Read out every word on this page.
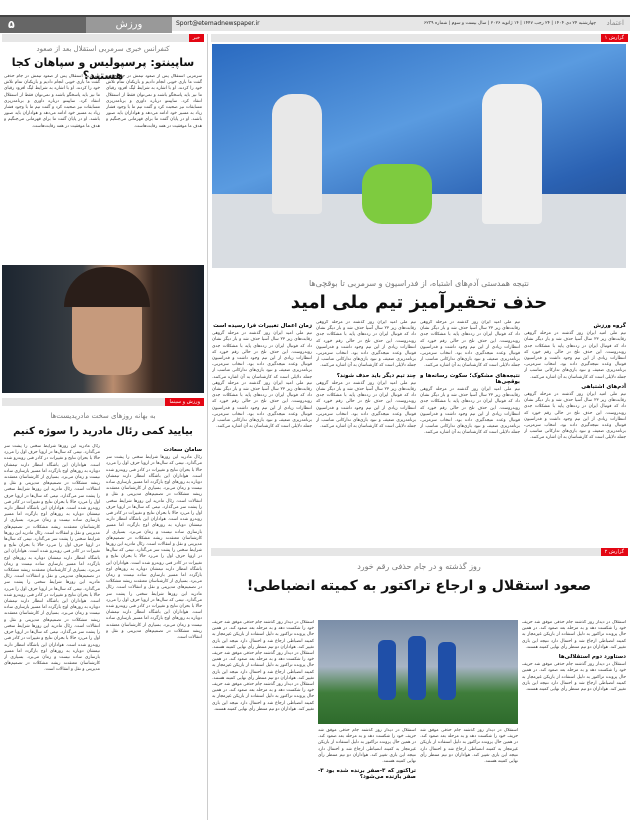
۵	ورزش	Sport@etemadnewspaper.ir	چهارشنبه ۲۴ دی ۱۴۰۴ | ۲۴ رجب ۱۴۴۷ | ۱۴ ژانویه ۲۰۲۶ | سال بیست و سوم | شماره ۶۲۳۹ اعتماد
خبر
کنفرانس خبری سرمربی استقلال بعد از صعود
ساپینتو: پرسپولیس و سپاهان کجا هستند؟
سرمربی استقلال پس از صعود تیمش در جام حذفی گفت ما بازی خوبی انجام دادیم و بازیکنان تمام تلاش خود را کردند. او با اشاره به شرایط لیگ افزود رقبای ما نیز باید پاسخگو باشند و نمی‌توان فقط از استقلال انتقاد کرد. ساپینتو درباره داوری و برنامه‌ریزی مسابقات نیز صحبت کرد و گفت تیم ما با وجود فشار زیاد به مسیر خود ادامه می‌دهد و هواداران باید صبور باشند. او در پایان گفت ما برای قهرمانی می‌جنگیم و هدف ما موفقیت در همه رقابت‌هاست.
سرمربی استقلال پس از صعود تیمش در جام حذفی گفت ما بازی خوبی انجام دادیم و بازیکنان تمام تلاش خود را کردند. او با اشاره به شرایط لیگ افزود رقبای ما نیز باید پاسخگو باشند و نمی‌توان فقط از استقلال انتقاد کرد. ساپینتو درباره داوری و برنامه‌ریزی مسابقات نیز صحبت کرد و گفت تیم ما با وجود فشار زیاد به مسیر خود ادامه می‌دهد و هواداران باید صبور باشند. او در پایان گفت ما برای قهرمانی می‌جنگیم و هدف ما موفقیت در همه رقابت‌هاست.
ورزش و سینما
به بهانه روزهای سخت مادریدیست‌ها
بیایید کمی رئال مادرید را سوژه کنیم
سامان سعادت
رئال مادرید این روزها شرایط سختی را پشت سر می‌گذارد. تیمی که سال‌ها در اروپا حرف اول را می‌زد حالا با بحران نتایج و تغییرات در کادر فنی روبه‌رو شده است. هواداران این باشگاه انتظار دارند تیمشان دوباره به روزهای اوج بازگردد اما مسیر بازسازی ساده نیست و زمان می‌برد. بسیاری از کارشناسان معتقدند ریشه مشکلات در تصمیم‌های مدیریتی و نقل و انتقالات است. رئال مادرید این روزها شرایط سختی را پشت سر می‌گذارد. تیمی که سال‌ها در اروپا حرف اول را می‌زد حالا با بحران نتایج و تغییرات در کادر فنی روبه‌رو شده است. هواداران این باشگاه انتظار دارند تیمشان دوباره به روزهای اوج بازگردد اما مسیر بازسازی ساده نیست و زمان می‌برد. بسیاری از کارشناسان معتقدند ریشه مشکلات در تصمیم‌های مدیریتی و نقل و انتقالات است. رئال مادرید این روزها شرایط سختی را پشت سر می‌گذارد. تیمی که سال‌ها در اروپا حرف اول را می‌زد حالا با بحران نتایج و تغییرات در کادر فنی روبه‌رو شده است. هواداران این باشگاه انتظار دارند تیمشان دوباره به روزهای اوج بازگردد اما مسیر بازسازی ساده نیست و زمان می‌برد. بسیاری از کارشناسان معتقدند ریشه مشکلات در تصمیم‌های مدیریتی و نقل و انتقالات است. رئال مادرید این روزها شرایط سختی را پشت سر می‌گذارد. تیمی که سال‌ها در اروپا حرف اول را می‌زد حالا با بحران نتایج و تغییرات در کادر فنی روبه‌رو شده است. هواداران این باشگاه انتظار دارند تیمشان دوباره به روزهای اوج بازگردد اما مسیر بازسازی ساده نیست و زمان می‌برد. بسیاری از کارشناسان معتقدند ریشه مشکلات در تصمیم‌های مدیریتی و نقل و انتقالات است.
رئال مادرید این روزها شرایط سختی را پشت سر می‌گذارد. تیمی که سال‌ها در اروپا حرف اول را می‌زد حالا با بحران نتایج و تغییرات در کادر فنی روبه‌رو شده است. هواداران این باشگاه انتظار دارند تیمشان دوباره به روزهای اوج بازگردد اما مسیر بازسازی ساده نیست و زمان می‌برد. بسیاری از کارشناسان معتقدند ریشه مشکلات در تصمیم‌های مدیریتی و نقل و انتقالات است. رئال مادرید این روزها شرایط سختی را پشت سر می‌گذارد. تیمی که سال‌ها در اروپا حرف اول را می‌زد حالا با بحران نتایج و تغییرات در کادر فنی روبه‌رو شده است. هواداران این باشگاه انتظار دارند تیمشان دوباره به روزهای اوج بازگردد اما مسیر بازسازی ساده نیست و زمان می‌برد. بسیاری از کارشناسان معتقدند ریشه مشکلات در تصمیم‌های مدیریتی و نقل و انتقالات است. رئال مادرید این روزها شرایط سختی را پشت سر می‌گذارد. تیمی که سال‌ها در اروپا حرف اول را می‌زد حالا با بحران نتایج و تغییرات در کادر فنی روبه‌رو شده است. هواداران این باشگاه انتظار دارند تیمشان دوباره به روزهای اوج بازگردد اما مسیر بازسازی ساده نیست و زمان می‌برد. بسیاری از کارشناسان معتقدند ریشه مشکلات در تصمیم‌های مدیریتی و نقل و انتقالات است. رئال مادرید این روزها شرایط سختی را پشت سر می‌گذارد. تیمی که سال‌ها در اروپا حرف اول را می‌زد حالا با بحران نتایج و تغییرات در کادر فنی روبه‌رو شده است. هواداران این باشگاه انتظار دارند تیمشان دوباره به روزهای اوج بازگردد اما مسیر بازسازی ساده نیست و زمان می‌برد. بسیاری از کارشناسان معتقدند ریشه مشکلات در تصمیم‌های مدیریتی و نقل و انتقالات است. رئال مادرید این روزها شرایط سختی را پشت سر می‌گذارد. تیمی که سال‌ها در اروپا حرف اول را می‌زد حالا با بحران نتایج و تغییرات در کادر فنی روبه‌رو شده است. هواداران این باشگاه انتظار دارند تیمشان دوباره به روزهای اوج بازگردد اما مسیر بازسازی ساده نیست و زمان می‌برد. بسیاری از کارشناسان معتقدند ریشه مشکلات در تصمیم‌های مدیریتی و نقل و انتقالات است.
گزارش ۱
نتیجه همدستی آدم‌های اشتباه، از فدراسیون و سرمربی تا بوقچی‌ها
حذف تحقیرآمیز تیم ملی امید
گروه ورزش
تیم ملی امید ایران روز گذشته در مرحله گروهی رقابت‌های زیر ۲۳ سال آسیا حذف شد و بار دیگر نشان داد که فوتبال ایران در رده‌های پایه با مشکلات جدی روبه‌روست. این حذف تلخ در حالی رقم خورد که انتظارات زیادی از این تیم وجود داشت و فدراسیون فوتبال وعده نتیجه‌گیری داده بود. انتخاب سرمربی، برنامه‌ریزی ضعیف و نبود بازی‌های تدارکاتی مناسب از جمله دلایلی است که کارشناسان به آن اشاره می‌کنند.
آدم‌های اشتباهی
تیم ملی امید ایران روز گذشته در مرحله گروهی رقابت‌های زیر ۲۳ سال آسیا حذف شد و بار دیگر نشان داد که فوتبال ایران در رده‌های پایه با مشکلات جدی روبه‌روست. این حذف تلخ در حالی رقم خورد که انتظارات زیادی از این تیم وجود داشت و فدراسیون فوتبال وعده نتیجه‌گیری داده بود. انتخاب سرمربی، برنامه‌ریزی ضعیف و نبود بازی‌های تدارکاتی مناسب از جمله دلایلی است که کارشناسان به آن اشاره می‌کنند.
تیم ملی امید ایران روز گذشته در مرحله گروهی رقابت‌های زیر ۲۳ سال آسیا حذف شد و بار دیگر نشان داد که فوتبال ایران در رده‌های پایه با مشکلات جدی روبه‌روست. این حذف تلخ در حالی رقم خورد که انتظارات زیادی از این تیم وجود داشت و فدراسیون فوتبال وعده نتیجه‌گیری داده بود. انتخاب سرمربی، برنامه‌ریزی ضعیف و نبود بازی‌های تدارکاتی مناسب از جمله دلایلی است که کارشناسان به آن اشاره می‌کنند.
نتیجه‌های مشکوک؛ سکوت رسانه‌ها و بوقچی‌ها
تیم ملی امید ایران روز گذشته در مرحله گروهی رقابت‌های زیر ۲۳ سال آسیا حذف شد و بار دیگر نشان داد که فوتبال ایران در رده‌های پایه با مشکلات جدی روبه‌روست. این حذف تلخ در حالی رقم خورد که انتظارات زیادی از این تیم وجود داشت و فدراسیون فوتبال وعده نتیجه‌گیری داده بود. انتخاب سرمربی، برنامه‌ریزی ضعیف و نبود بازی‌های تدارکاتی مناسب از جمله دلایلی است که کارشناسان به آن اشاره می‌کنند.
تیم ملی امید ایران روز گذشته در مرحله گروهی رقابت‌های زیر ۲۳ سال آسیا حذف شد و بار دیگر نشان داد که فوتبال ایران در رده‌های پایه با مشکلات جدی روبه‌روست. این حذف تلخ در حالی رقم خورد که انتظارات زیادی از این تیم وجود داشت و فدراسیون فوتبال وعده نتیجه‌گیری داده بود. انتخاب سرمربی، برنامه‌ریزی ضعیف و نبود بازی‌های تدارکاتی مناسب از جمله دلایلی است که کارشناسان به آن اشاره می‌کنند.
چند تیم دیگر باید حذف شوند؟
تیم ملی امید ایران روز گذشته در مرحله گروهی رقابت‌های زیر ۲۳ سال آسیا حذف شد و بار دیگر نشان داد که فوتبال ایران در رده‌های پایه با مشکلات جدی روبه‌روست. این حذف تلخ در حالی رقم خورد که انتظارات زیادی از این تیم وجود داشت و فدراسیون فوتبال وعده نتیجه‌گیری داده بود. انتخاب سرمربی، برنامه‌ریزی ضعیف و نبود بازی‌های تدارکاتی مناسب از جمله دلایلی است که کارشناسان به آن اشاره می‌کنند.
زمان اعمال تغییرات فرا رسیده است
تیم ملی امید ایران روز گذشته در مرحله گروهی رقابت‌های زیر ۲۳ سال آسیا حذف شد و بار دیگر نشان داد که فوتبال ایران در رده‌های پایه با مشکلات جدی روبه‌روست. این حذف تلخ در حالی رقم خورد که انتظارات زیادی از این تیم وجود داشت و فدراسیون فوتبال وعده نتیجه‌گیری داده بود. انتخاب سرمربی، برنامه‌ریزی ضعیف و نبود بازی‌های تدارکاتی مناسب از جمله دلایلی است که کارشناسان به آن اشاره می‌کنند. تیم ملی امید ایران روز گذشته در مرحله گروهی رقابت‌های زیر ۲۳ سال آسیا حذف شد و بار دیگر نشان داد که فوتبال ایران در رده‌های پایه با مشکلات جدی روبه‌روست. این حذف تلخ در حالی رقم خورد که انتظارات زیادی از این تیم وجود داشت و فدراسیون فوتبال وعده نتیجه‌گیری داده بود. انتخاب سرمربی، برنامه‌ریزی ضعیف و نبود بازی‌های تدارکاتی مناسب از جمله دلایلی است که کارشناسان به آن اشاره می‌کنند.
گزارش ۲
روز گذشته و در جام حذفی رقم خورد
صعود استقلال و ارجاع تراکتور به کمیته انضباطی!
استقلال در دیدار روز گذشته جام حذفی موفق شد حریف خود را شکست دهد و به مرحله بعد صعود کند. در همین حال پرونده تراکتور به دلیل استفاده از بازیکن غیرمجاز به کمیته انضباطی ارجاع شد و احتمال دارد نتیجه این بازی تغییر کند. هواداران دو تیم منتظر رأی نهایی کمیته هستند.
دستاورد دوم استقلالی‌ها
استقلال در دیدار روز گذشته جام حذفی موفق شد حریف خود را شکست دهد و به مرحله بعد صعود کند. در همین حال پرونده تراکتور به دلیل استفاده از بازیکن غیرمجاز به کمیته انضباطی ارجاع شد و احتمال دارد نتیجه این بازی تغییر کند. هواداران دو تیم منتظر رأی نهایی کمیته هستند.
استقلال در دیدار روز گذشته جام حذفی موفق شد حریف خود را شکست دهد و به مرحله بعد صعود کند. در همین حال پرونده تراکتور به دلیل استفاده از بازیکن غیرمجاز به کمیته انضباطی ارجاع شد و احتمال دارد نتیجه این بازی تغییر کند. هواداران دو تیم منتظر رأی نهایی کمیته هستند. استقلال در دیدار روز گذشته جام حذفی موفق شد حریف خود را شکست دهد و به مرحله بعد صعود کند. در همین حال پرونده تراکتور به دلیل استفاده از بازیکن غیرمجاز به کمیته انضباطی ارجاع شد و احتمال دارد نتیجه این بازی تغییر کند. هواداران دو تیم منتظر رأی نهایی کمیته هستند. استقلال در دیدار روز گذشته جام حذفی موفق شد حریف خود را شکست دهد و به مرحله بعد صعود کند. در همین حال پرونده تراکتور به دلیل استفاده از بازیکن غیرمجاز به کمیته انضباطی ارجاع شد و احتمال دارد نتیجه این بازی تغییر کند. هواداران دو تیم منتظر رأی نهایی کمیته هستند.
استقلال در دیدار روز گذشته جام حذفی موفق شد حریف خود را شکست دهد و به مرحله بعد صعود کند. در همین حال پرونده تراکتور به دلیل استفاده از بازیکن غیرمجاز به کمیته انضباطی ارجاع شد و احتمال دارد نتیجه این بازی تغییر کند. هواداران دو تیم منتظر رأی نهایی کمیته هستند.
استقلال در دیدار روز گذشته جام حذفی موفق شد حریف خود را شکست دهد و به مرحله بعد صعود کند. در همین حال پرونده تراکتور به دلیل استفاده از بازیکن غیرمجاز به کمیته انضباطی ارجاع شد و احتمال دارد نتیجه این بازی تغییر کند. هواداران دو تیم منتظر رأی نهایی کمیته هستند.
تراکتور که ۳-صفر برنده شده بود ۳-صفر بازنده می‌شود؟
